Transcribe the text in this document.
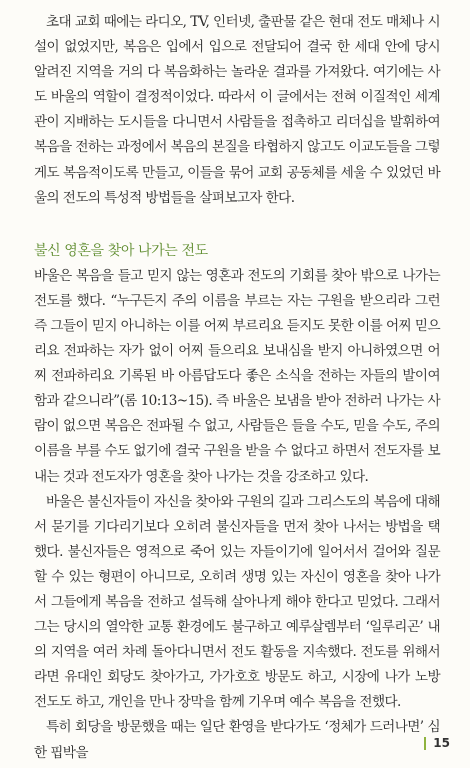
초대 교회 때에는 라디오, TV, 인터넷, 출판물 같은 현대 전도 매체나 시설이 없었지만, 복음은 입에서 입으로 전달되어 결국 한 세대 안에 당시 알려진 지역을 거의 다 복음화하는 놀라운 결과를 가져왔다. 여기에는 사도 바울의 역할이 결정적이었다. 따라서 이 글에서는 전혀 이질적인 세계관이 지배하는 도시들을 다니면서 사람들을 접촉하고 리더십을 발휘하여 복음을 전하는 과정에서 복음의 본질을 타협하지 않고도 이교도들을 그렇게도 복음적이도록 만들고, 이들을 묶어 교회 공동체를 세울 수 있었던 바울의 전도의 특성적 방법들을 살펴보고자 한다.

불신 영혼을 찾아 나가는 전도

바울은 복음을 들고 믿지 않는 영혼과 전도의 기회를 찾아 밖으로 나가는 전도를 했다. “누구든지 주의 이름을 부르는 자는 구원을 받으리라 그런즉 그들이 믿지 아니하는 이를 어찌 부르리요 듣지도 못한 이를 어찌 믿으리요 전파하는 자가 없이 어찌 들으리요 보내심을 받지 아니하였으면 어찌 전파하리요 기록된 바 아름답도다 좋은 소식을 전하는 자들의 발이여 함과 같으니라”(롬 10:13~15). 즉 바울은 보냄을 받아 전하러 나가는 사람이 없으면 복음은 전파될 수 없고, 사람들은 들을 수도, 믿을 수도, 주의 이름을 부를 수도 없기에 결국 구원을 받을 수 없다고 하면서 전도자를 보내는 것과 전도자가 영혼을 찾아 나가는 것을 강조하고 있다.

바울은 불신자들이 자신을 찾아와 구원의 길과 그리스도의 복음에 대해서 묻기를 기다리기보다 오히려 불신자들을 먼저 찾아 나서는 방법을 택했다. 불신자들은 영적으로 죽어 있는 자들이기에 일어서서 걸어와 질문할 수 있는 형편이 아니므로, 오히려 생명 있는 자신이 영혼을 찾아 나가서 그들에게 복음을 전하고 설득해 살아나게 해야 한다고 믿었다. 그래서 그는 당시의 열악한 교통 환경에도 불구하고 예루살렘부터 ‘일루리곤’ 내의 지역을 여러 차례 돌아다니면서 전도 활동을 지속했다. 전도를 위해서라면 유대인 회당도 찾아가고, 가가호호 방문도 하고, 시장에 나가 노방 전도도 하고, 개인을 만나 장막을 함께 기우며 예수 복음을 전했다.

특히 회당을 방문했을 때는 일단 환영을 받다가도 ‘정체가 드러나면’ 심한 핍박을

15
